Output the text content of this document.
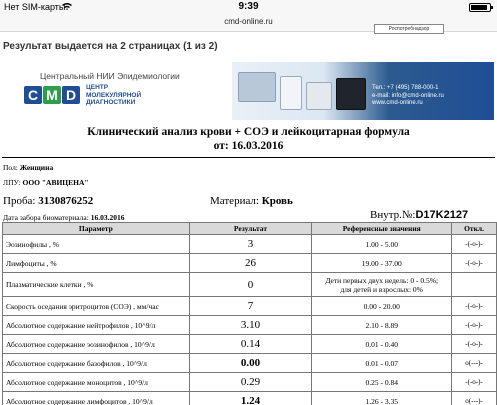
Нет SIM-карты	9:39
cmd-online.ru
Роспотребнадзор
Результат выдается на 2 страницах (1 из 2)
Центральный НИИ Эпидемиологии
C M D	ЦЕНТР
МОЛЕКУЛЯРНОЙ
ДИАГНОСТИКИ
Тел.: +7 (495) 788-000-1
e-mail: info@cmd-online.ru
www.cmd-online.ru
Клинический анализ крови + СОЭ и лейкоцитарная формула
от: 16.03.2016
Пол: Женщина
ЛПУ: ООО "АВИЦЕНА"
Проба: 3130876252	Материал: Кровь
Дата забора биоматериала: 16.03.2016	Внутр.№:D17K2127
Параметр	Результат	Референсные значения	Откл.
Эозинофилы , %	3	1.00 - 5.00	-(-о-)-
Лимфоциты , %	26	19.00 - 37.00	-(-о-)-
Плазматические клетки , %	0	Дети первых двух недель: 0 - 0.5%;
для детей и взрослых: 0%	

Скорость оседания эритроцитов (СОЭ) , мм/час	7	0.00 - 20.00	-(-о-)-
Абсолютное содержание нейтрофилов , 10^9/л	3.10	2.10 - 8.89	-(-о-)-
Абсолютное содержание эозинофилов , 10^9/л	0.14	0.01 - 0.40	-(-о-)-
Абсолютное содержание базофилов , 10^9/л	0.00	0.01 - 0.07	о(---)-
Абсолютное содержание моноцитов , 10^9/л	0.29	0.25 - 0.84	-(-о-)-
Абсолютное содержание лимфоцитов , 10^9/л	1.24	1.26 - 3.35	о(---)-
